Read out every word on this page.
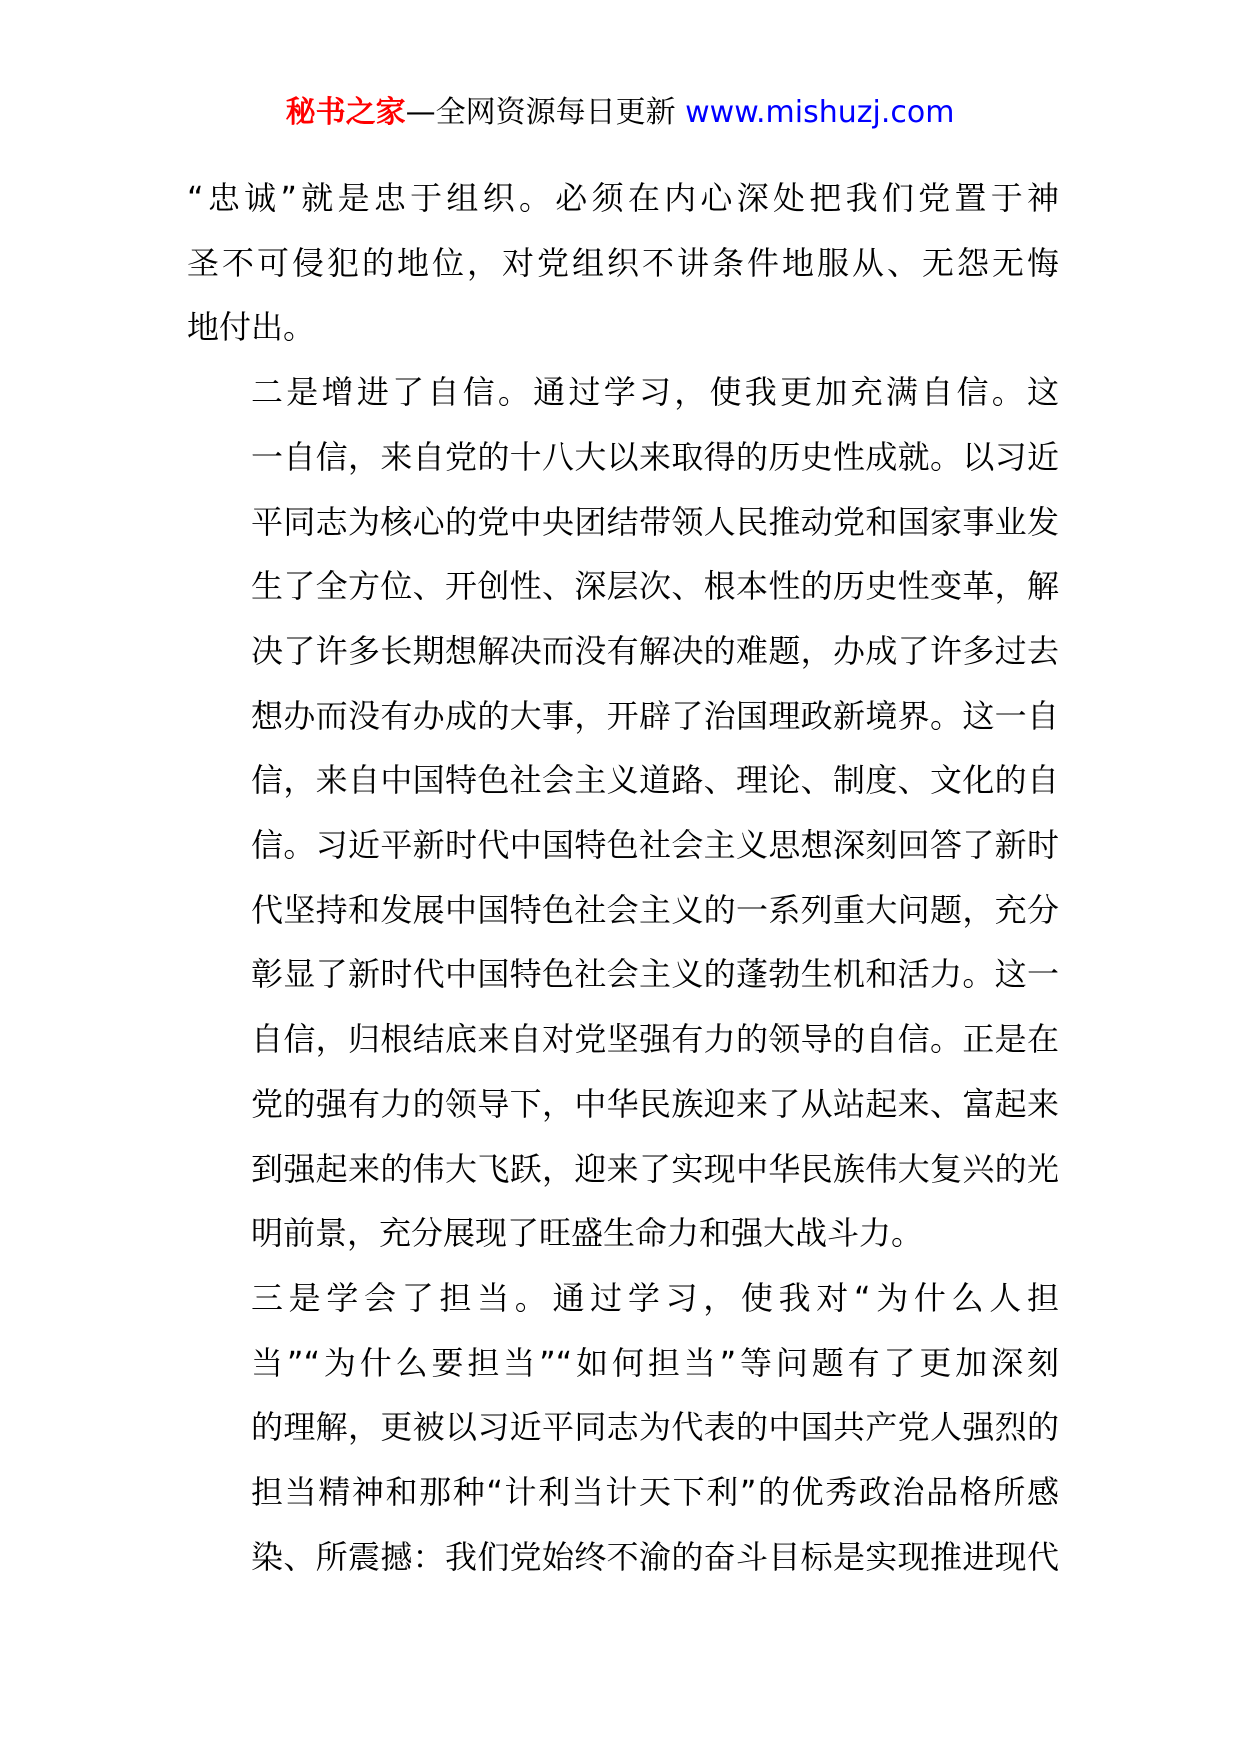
秘书之家—全网资源每日更新 www.mishuzj.com
“忠诚”就是忠于组织。必须在内心深处把我们党置于神
圣不可侵犯的地位，对党组织不讲条件地服从、无怨无悔
地付出。
二是增进了自信。通过学习，使我更加充满自信。这
一自信，来自党的十八大以来取得的历史性成就。以习近
平同志为核心的党中央团结带领人民推动党和国家事业发
生了全方位、开创性、深层次、根本性的历史性变革，解
决了许多长期想解决而没有解决的难题，办成了许多过去
想办而没有办成的大事，开辟了治国理政新境界。这一自
信，来自中国特色社会主义道路、理论、制度、文化的自
信。习近平新时代中国特色社会主义思想深刻回答了新时
代坚持和发展中国特色社会主义的一系列重大问题，充分
彰显了新时代中国特色社会主义的蓬勃生机和活力。这一
自信，归根结底来自对党坚强有力的领导的自信。正是在
党的强有力的领导下，中华民族迎来了从站起来、富起来
到强起来的伟大飞跃，迎来了实现中华民族伟大复兴的光
明前景，充分展现了旺盛生命力和强大战斗力。
三是学会了担当。通过学习，使我对“为什么人担
当”“为什么要担当”“如何担当”等问题有了更加深刻
的理解，更被以习近平同志为代表的中国共产党人强烈的
担当精神和那种“计利当计天下利”的优秀政治品格所感
染、所震撼：我们党始终不渝的奋斗目标是实现推进现代
